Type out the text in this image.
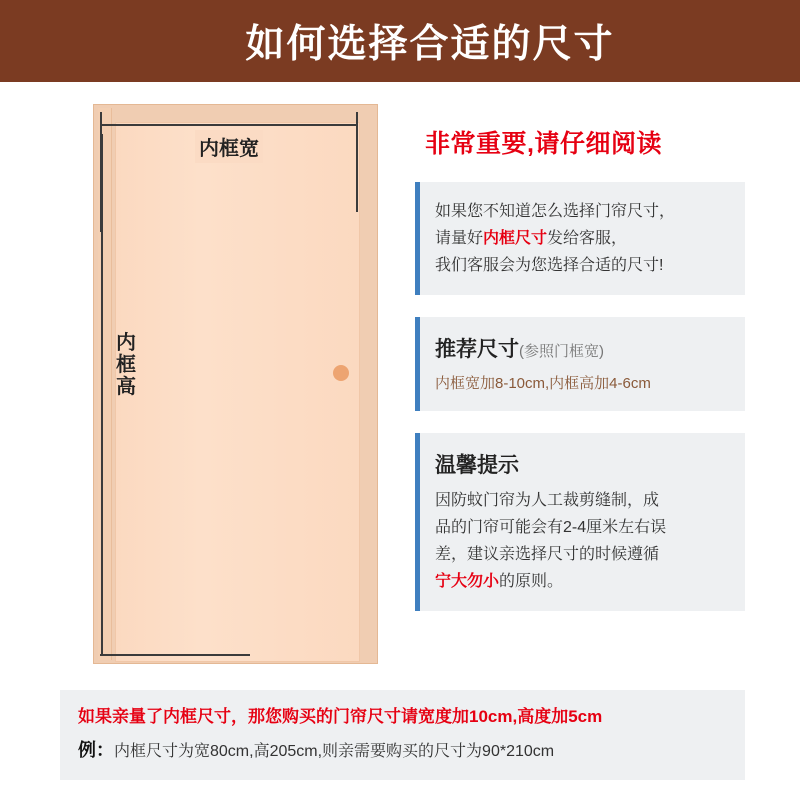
如何选择合适的尺寸
内框宽
内
框
高
非常重要,请仔细阅读
如果您不知道怎么选择门帘尺寸，
请量好内框尺寸发给客服，
我们客服会为您选择合适的尺寸!
推荐尺寸(参照门框宽)
内框宽加8-10cm,内框高加4-6cm
温馨提示
因防蚊门帘为人工裁剪缝制，成
品的门帘可能会有2-4厘米左右误
差，建议亲选择尺寸的时候遵循
宁大勿小的原则。
如果亲量了内框尺寸，那您购买的门帘尺寸请宽度加10cm,高度加5cm
例：内框尺寸为宽80cm,高205cm,则亲需要购买的尺寸为90*210cm
